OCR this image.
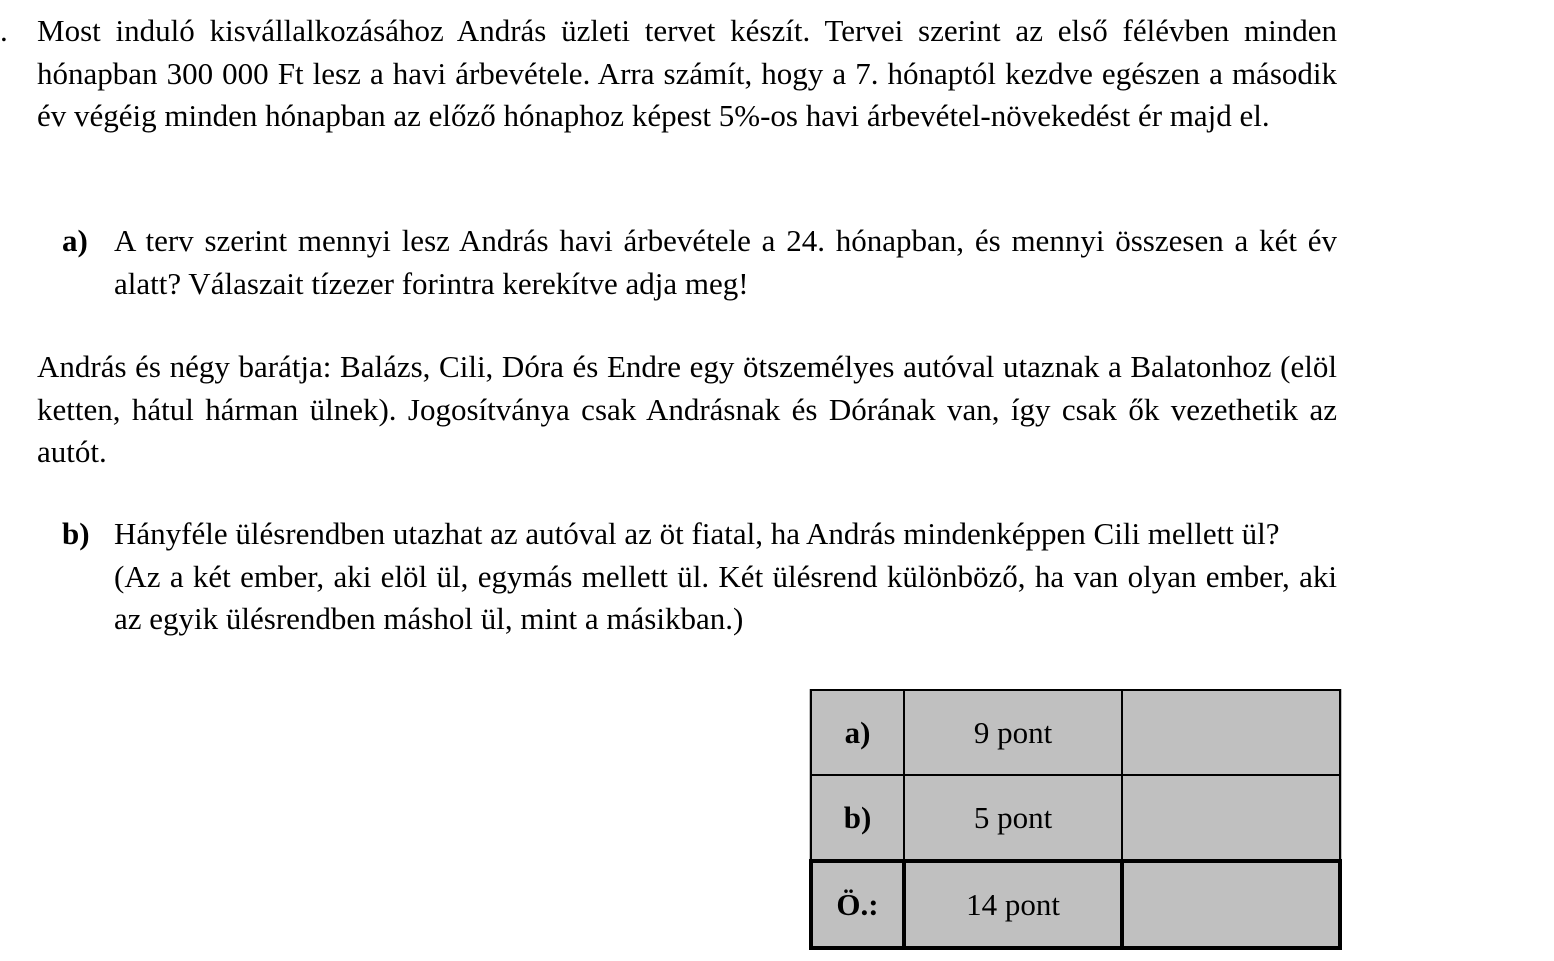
. Most induló kisvállalkozásához András üzleti tervet készít. Tervei szerint az első félévben minden hónapban 300 000 Ft lesz a havi árbevétele. Arra számít, hogy a 7. hónaptól kezdve egészen a második év végéig minden hónapban az előző hónaphoz képest 5%-os havi árbevétel-növekedést ér majd el.

a) A terv szerint mennyi lesz András havi árbevétele a 24. hónapban, és mennyi összesen a két év alatt? Válaszait tízezer forintra kerekítve adja meg!

András és négy barátja: Balázs, Cili, Dóra és Endre egy ötszemélyes autóval utaznak a Balatonhoz (elöl ketten, hátul hárman ülnek). Jogosítványa csak Andrásnak és Dórának van, így csak ők vezethetik az autót.

b) Hányféle ülésrendben utazhat az autóval az öt fiatal, ha András mindenképpen Cili mellett ül?

(Az a két ember, aki elöl ül, egymás mellett ül. Két ülésrend különböző, ha van olyan ember, aki az egyik ülésrendben máshol ül, mint a másikban.)

a)	9 pont	
b)	5 pont	
Ö.:	14 pont	
